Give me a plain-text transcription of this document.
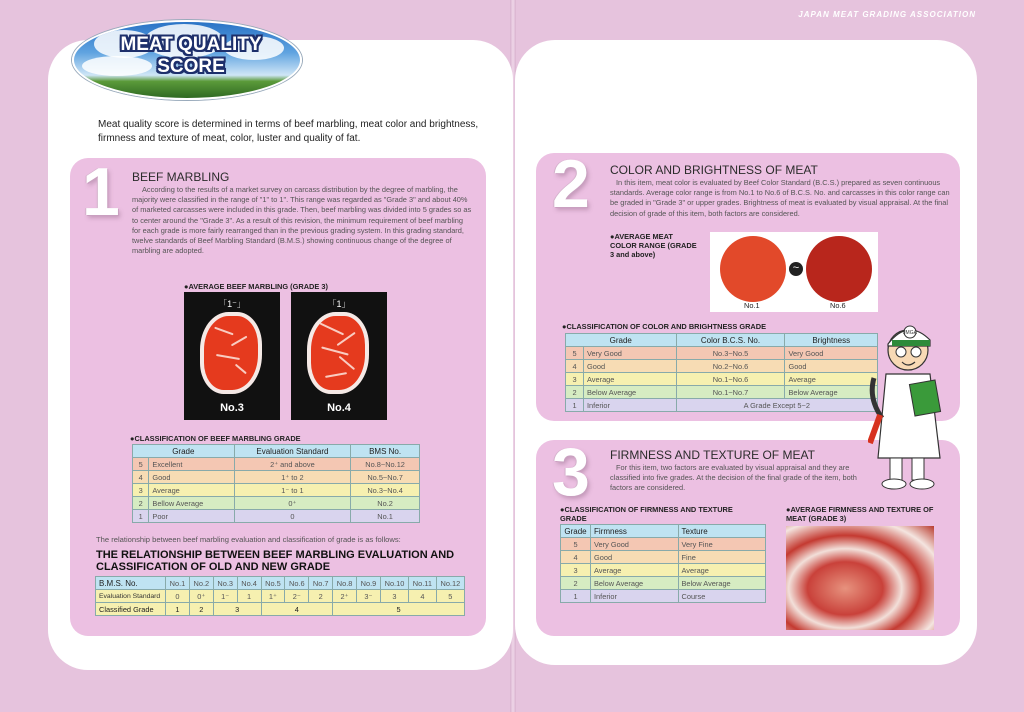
JAPAN MEAT GRADING ASSOCIATION
MEAT QUALITY
SCORE
Meat quality score is determined in terms of beef marbling, meat color and brightness, firmness and texture of meat, color, luster and quality of fat.
1 BEEF MARBLING
According to the results of a market survey on carcass distribution by the degree of marbling, the majority were classified in the range of "1" to 1". This range was regarded as "Grade 3" and about 40% of marketed carcasses were included in this grade. Then, beef marbling was divided into 5 grades so as to center around the "Grade 3". As a result of this revision, the minimum requirement of beef marbling for each grade is more fairly rearranged than in the previous grading system. In this grading standard, twelve standards of Beef Marbling Standard (B.M.S.) showing continuous change of the degree of marbling are adopted.
●AVERAGE BEEF MARBLING (GRADE 3)
「1⁻」
No.3
「1」
No.4
●CLASSIFICATION OF BEEF MARBLING GRADE
Grade		Evaluation Standard	BMS No.
5	Excellent	2⁺ and above	No.8~No.12
4	Good	1⁺ to 2	No.5~No.7
3	Average	1⁻ to 1	No.3~No.4
2	Bellow Average	0⁺	No.2
1	Poor	0	No.1
The relationship between beef marbling evaluation and classification of grade is as follows:
THE RELATIONSHIP BETWEEN BEEF MARBLING EVALUATION AND CLASSIFICATION OF OLD AND NEW GRADE
B.M.S. No.	No.1	No.2	No.3	No.4	No.5	No.6	No.7	No.8	No.9	No.10	No.11	No.12
Evaluation Standard	0	0⁺	1⁻	1	1⁺	2⁻	2	2⁺	3⁻	3	4	5
Classified Grade	1	2	3		4			5				
2 COLOR AND BRIGHTNESS OF MEAT
In this item, meat color is evaluated by Beef Color Standard (B.C.S.) prepared as seven continuous standards. Average color range is from No.1 to No.6 of B.C.S. No. and carcasses in this color range can be graded in "Grade 3" or upper grades. Brightness of meat is evaluated by visual appraisal. At the final decision of grade of this item, both factors are considered.
●AVERAGE MEAT COLOR RANGE (GRADE 3 and above)
~
No.1	No.6
●CLASSIFICATION OF COLOR AND BRIGHTNESS GRADE
Grade		Color B.C.S. No.	Brightness
5	Very Good	No.3~No.5	Very Good
4	Good	No.2~No.6	Good
3	Average	No.1~No.6	Average
2	Below Average	No.1~No.7	Below Average
1	Inferior	A Grade Except 5~2	
3 FIRMNESS AND TEXTURE OF MEAT
For this item, two factors are evaluated by visual appraisal and they are classified into five grades. At the decision of the final grade of the item, both factors are considered.
●CLASSIFICATION OF FIRMNESS AND TEXTURE GRADE
Grade	Firmness	Texture
5	Very Good	Very Fine
4	Good	Fine
3	Average	Average
2	Below Average	Below Average
1	Inferior	Course
●AVERAGE FIRMNESS AND TEXTURE OF MEAT (GRADE 3)
JMGA
